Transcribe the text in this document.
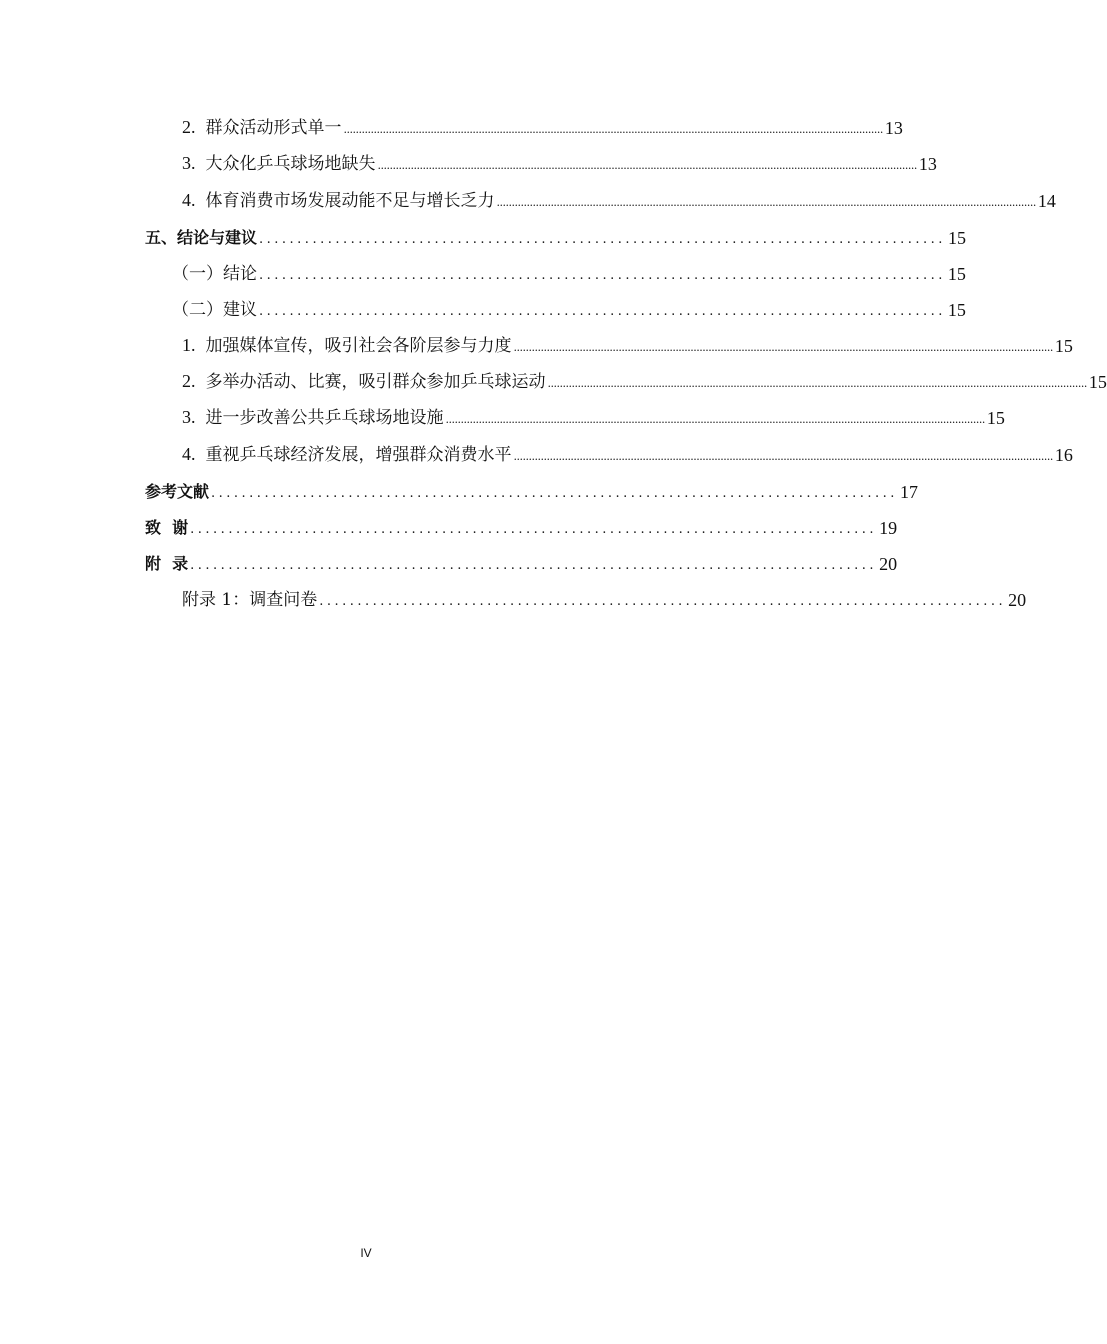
2. 群众活动形式单一 .................................................................................................................................................................................... 13
3. 大众化乒乓球场地缺失 .................................................................................................................................................................................... 13
4. 体育消费市场发展动能不足与增长乏力 .................................................................................................................................................................................... 14
五、结论与建议 .......................................................................................... 15
（一）结论 .......................................................................................... 15
（二）建议 .......................................................................................... 15
1. 加强媒体宣传，吸引社会各阶层参与力度 .................................................................................................................................................................................... 15
2. 多举办活动、比赛，吸引群众参加乒乓球运动 .................................................................................................................................................................................... 15
3. 进一步改善公共乒乓球场地设施 .................................................................................................................................................................................... 15
4. 重视乒乓球经济发展，增强群众消费水平 .................................................................................................................................................................................... 16
参考文献 .......................................................................................... 17
致  谢 .......................................................................................... 19
附  录 .......................................................................................... 20
附录 1：调查问卷 .......................................................................................... 20
IV
